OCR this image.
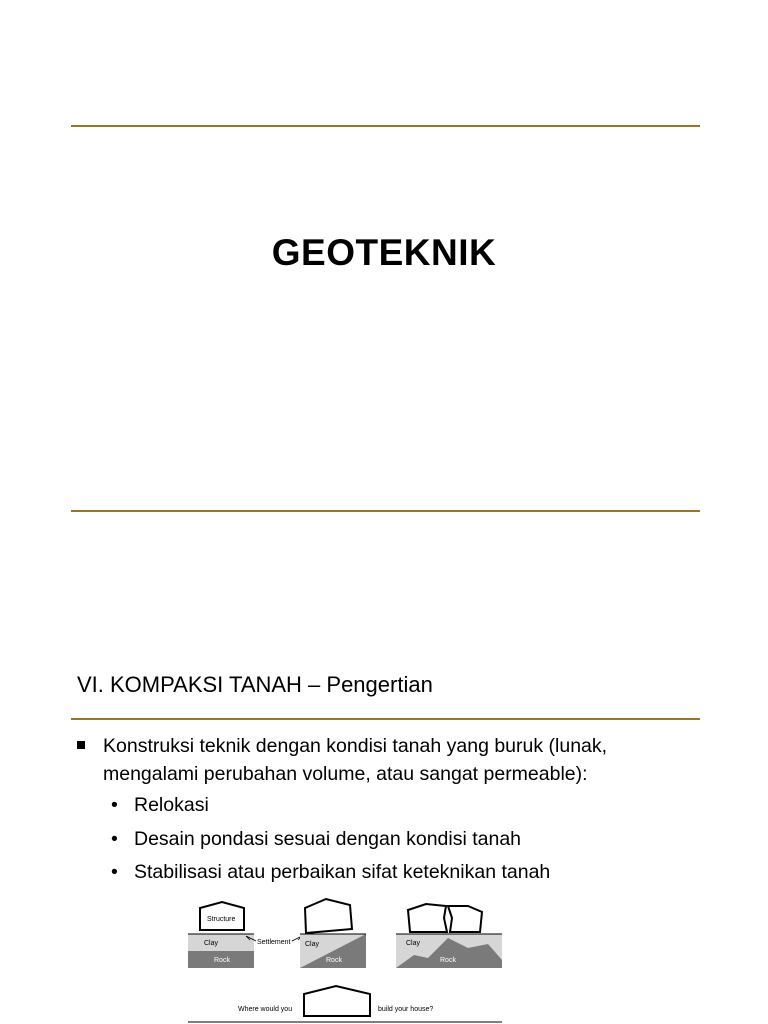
GEOTEKNIK
VI. KOMPAKSI TANAH – Pengertian
Konstruksi teknik dengan kondisi tanah yang buruk (lunak, mengalami perubahan volume, atau sangat permeable):
• Relokasi
• Desain pondasi sesuai dengan kondisi tanah
• Stabilisasi atau perbaikan sifat keteknikan tanah
Structure
Clay
Rock
Settlement Clay
Rock
Clay
Rock
Where would you	build your house?
